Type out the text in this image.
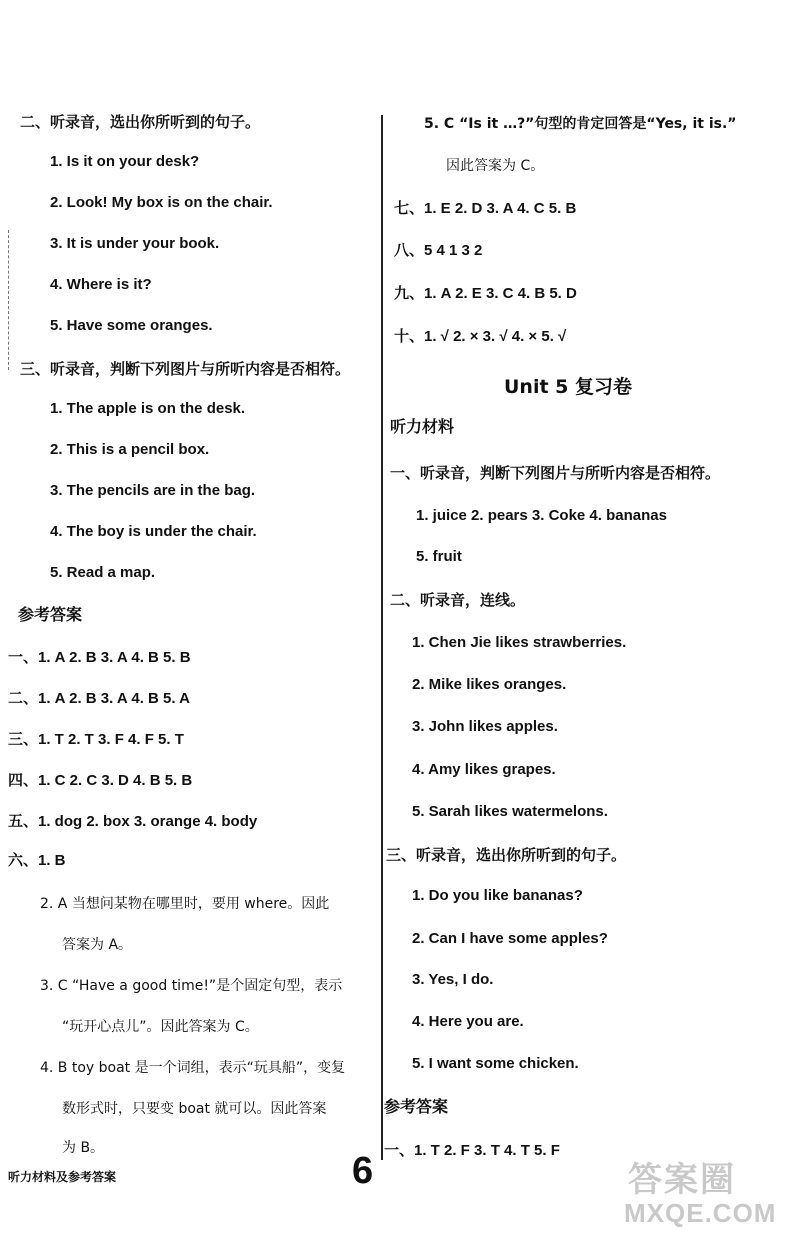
二、听录音，选出你所听到的句子。
1. Is it on your desk?
2. Look! My box is on the chair.
3. It is under your book.
4. Where is it?
5. Have some oranges.
三、听录音，判断下列图片与所听内容是否相符。
1. The apple is on the desk.
2. This is a pencil box.
3. The pencils are in the bag.
4. The boy is under the chair.
5. Read a map.
参考答案
一、1. A 2. B 3. A 4. B 5. B
二、1. A 2. B 3. A 4. B 5. A
三、1. T 2. T 3. F 4. F 5. T
四、1. C 2. C 3. D 4. B 5. B
五、1. dog 2. box 3. orange 4. body
六、1. B
2. A 当想问某物在哪里时，要用 where。因此
答案为 A。
3. C “Have a good time!”是个固定句型，表示
“玩开心点儿”。因此答案为 C。
4. B toy boat 是一个词组，表示“玩具船”，变复
数形式时，只要变 boat 就可以。因此答案
为 B。
5. C “Is it …?”句型的肯定回答是“Yes, it is.”
因此答案为 C。
七、1. E 2. D 3. A 4. C 5. B
八、5 4 1 3 2
九、1. A 2. E 3. C 4. B 5. D
十、1. √ 2. × 3. √ 4. × 5. √
Unit 5 复习卷
听力材料
一、听录音，判断下列图片与所听内容是否相符。
1. juice 2. pears 3. Coke 4. bananas
5. fruit
二、听录音，连线。
1. Chen Jie likes strawberries.
2. Mike likes oranges.
3. John likes apples.
4. Amy likes grapes.
5. Sarah likes watermelons.
三、听录音，选出你所听到的句子。
1. Do you like bananas?
2. Can I have some apples?
3. Yes, I do.
4. Here you are.
5. I want some chicken.
参考答案
一、1. T 2. F 3. T 4. T 5. F
听力材料及参考答案	6	答案圈
MXQE.COM
